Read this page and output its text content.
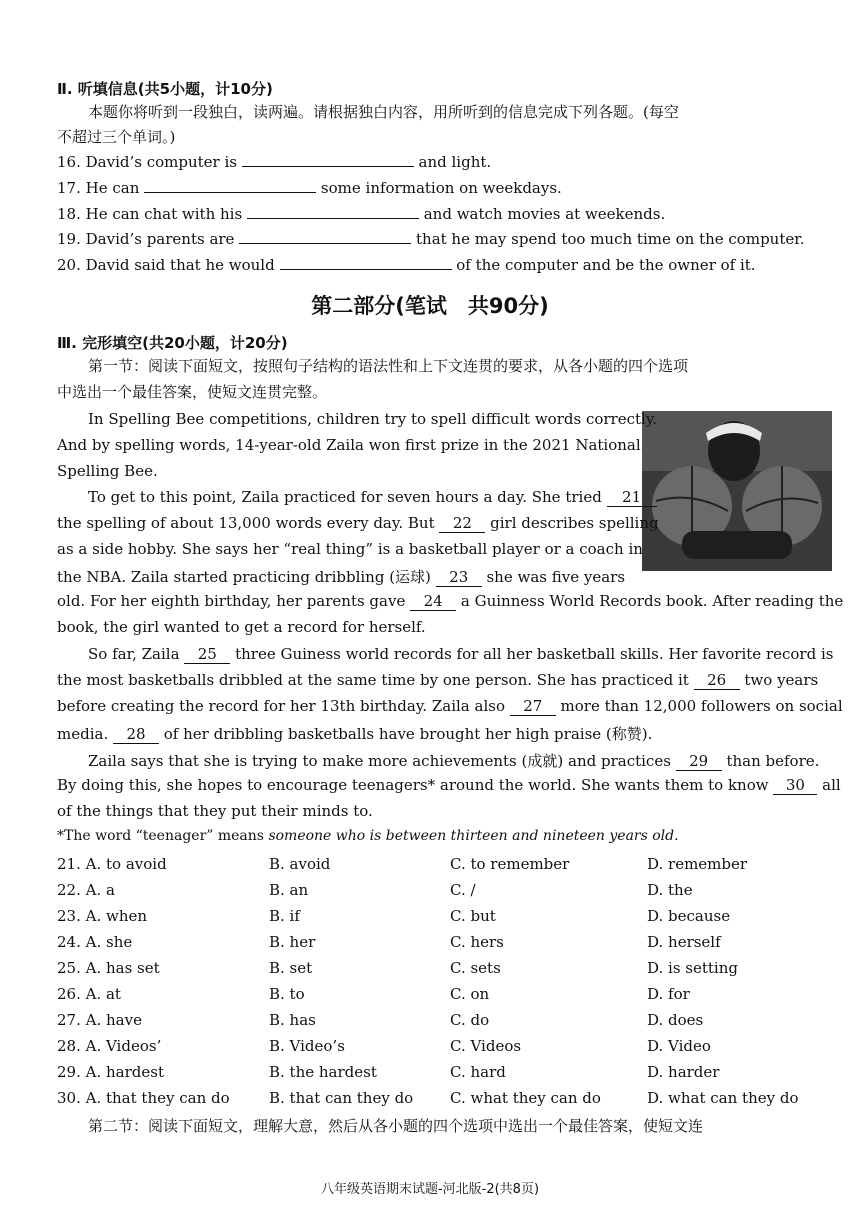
Ⅱ. 听填信息(共5小题，计10分)
本题你将听到一段独白，读两遍。请根据独白内容，用所听到的信息完成下列各题。(每空
不超过三个单词。)
16. David’s computer is	and light.
17. He can	some information on weekdays.
18. He can chat with his	and watch movies at weekends.
19. David’s parents are	that he may spend too much time on the computer.
20. David said that he would	of the computer and be the owner of it.
第二部分(笔试　共90分)
Ⅲ. 完形填空(共20小题，计20分)
第一节：阅读下面短文，按照句子结构的语法性和上下文连贯的要求，从各小题的四个选项
中选出一个最佳答案，使短文连贯完整。
In Spelling Bee competitions, children try to spell difficult words correctly.
And by spelling words, 14-year-old Zaila won first prize in the 2021 National
Spelling Bee.
To get to this point, Zaila practiced for seven hours a day. She tried 21
the spelling of about 13,000 words every day. But 22 girl describes spelling
as a side hobby. She says her “real thing” is a basketball player or a coach in
the NBA. Zaila started practicing dribbling (运球) 23 she was five years
old. For her eighth birthday, her parents gave 24 a Guinness World Records book. After reading the
book, the girl wanted to get a record for herself.
So far, Zaila 25 three Guiness world records for all her basketball skills. Her favorite record is
the most basketballs dribbled at the same time by one person. She has practiced it 26 two years
before creating the record for her 13th birthday. Zaila also 27 more than 12,000 followers on social
media. 28 of her dribbling basketballs have brought her high praise (称赞).
Zaila says that she is trying to make more achievements (成就) and practices 29 than before.
By doing this, she hopes to encourage teenagers* around the world. She wants them to know 30 all
of the things that they put their minds to.
*The word “teenager” means someone who is between thirteen and nineteen years old.
21. A. to avoid	B. avoid	C. to remember	D. remember
22. A. a	B. an	C. /	D. the
23. A. when	B. if	C. but	D. because
24. A. she	B. her	C. hers	D. herself
25. A. has set	B. set	C. sets	D. is setting
26. A. at	B. to	C. on	D. for
27. A. have	B. has	C. do	D. does
28. A. Videos’	B. Video’s	C. Videos	D. Video
29. A. hardest	B. the hardest	C. hard	D. harder
30. A. that they can do	B. that can they do C. what they can do	D. what can they do
第二节：阅读下面短文，理解大意，然后从各小题的四个选项中选出一个最佳答案，使短文连
八年级英语期末试题-河北版-2(共8页)
